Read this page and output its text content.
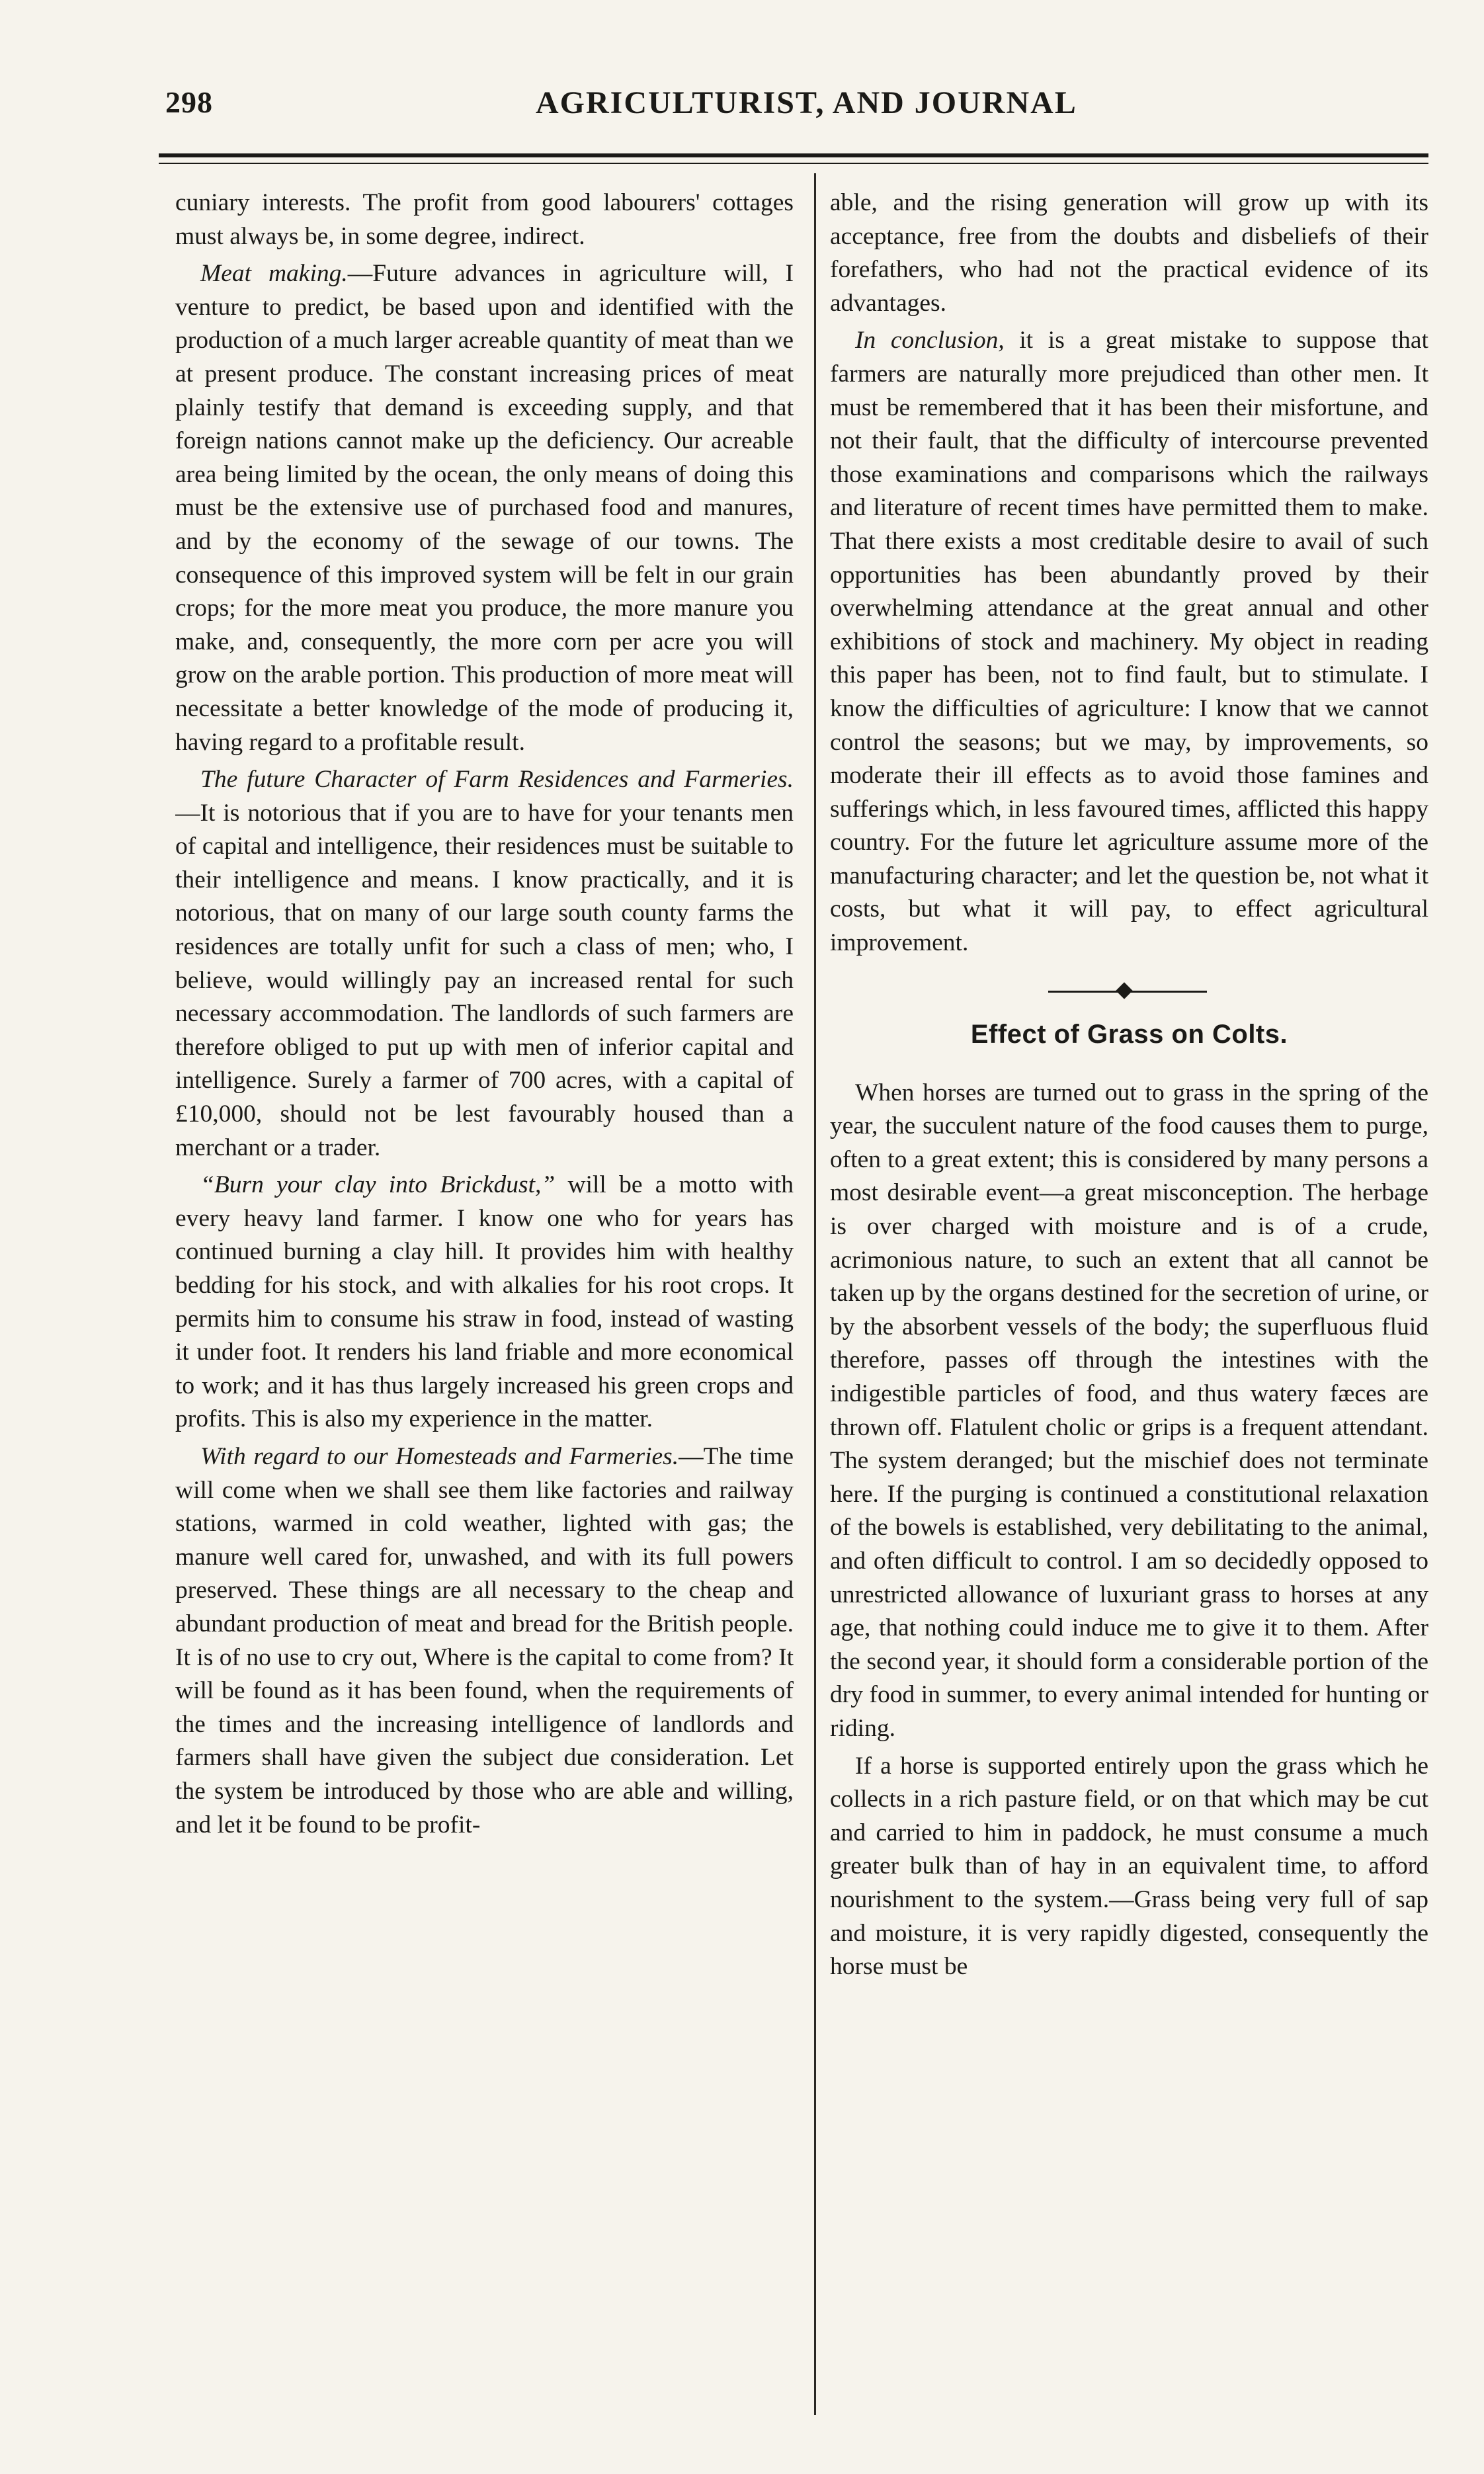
298	AGRICULTURIST, AND JOURNAL

cuniary interests. The profit from good labourers' cottages must always be, in some degree, indirect.

Meat making.—Future advances in agriculture will, I venture to predict, be based upon and identified with the production of a much larger acreable quantity of meat than we at present produce. The constant increasing prices of meat plainly testify that demand is exceeding supply, and that foreign nations cannot make up the deficiency. Our acreable area being limited by the ocean, the only means of doing this must be the extensive use of purchased food and manures, and by the economy of the sewage of our towns. The consequence of this improved system will be felt in our grain crops; for the more meat you produce, the more manure you make, and, consequently, the more corn per acre you will grow on the arable portion. This production of more meat will necessitate a better knowledge of the mode of producing it, having regard to a profitable result.

The future Character of Farm Residences and Farmeries.—It is notorious that if you are to have for your tenants men of capital and intelligence, their residences must be suitable to their intelligence and means. I know practically, and it is notorious, that on many of our large south county farms the residences are totally unfit for such a class of men; who, I believe, would willingly pay an increased rental for such necessary accommodation. The landlords of such farmers are therefore obliged to put up with men of inferior capital and intelligence. Surely a farmer of 700 acres, with a capital of £10,000, should not be lest favourably housed than a merchant or a trader.

“Burn your clay into Brickdust,” will be a motto with every heavy land farmer. I know one who for years has continued burning a clay hill. It provides him with healthy bedding for his stock, and with alkalies for his root crops. It permits him to consume his straw in food, instead of wasting it under foot. It renders his land friable and more economical to work; and it has thus largely increased his green crops and profits. This is also my experience in the matter.

With regard to our Homesteads and Farmeries.—The time will come when we shall see them like factories and railway stations, warmed in cold weather, lighted with gas; the manure well cared for, unwashed, and with its full powers preserved. These things are all necessary to the cheap and abundant production of meat and bread for the British people. It is of no use to cry out, Where is the capital to come from? It will be found as it has been found, when the requirements of the times and the increasing intelligence of landlords and farmers shall have given the subject due consideration. Let the system be introduced by those who are able and willing, and let it be found to be profit-

able, and the rising generation will grow up with its acceptance, free from the doubts and disbeliefs of their forefathers, who had not the practical evidence of its advantages.

In conclusion, it is a great mistake to suppose that farmers are naturally more prejudiced than other men. It must be remembered that it has been their misfortune, and not their fault, that the difficulty of intercourse prevented those examinations and comparisons which the railways and literature of recent times have permitted them to make. That there exists a most creditable desire to avail of such opportunities has been abundantly proved by their overwhelming attendance at the great annual and other exhibitions of stock and machinery. My object in reading this paper has been, not to find fault, but to stimulate. I know the difficulties of agriculture: I know that we cannot control the seasons; but we may, by improvements, so moderate their ill effects as to avoid those famines and sufferings which, in less favoured times, afflicted this happy country. For the future let agriculture assume more of the manufacturing character; and let the question be, not what it costs, but what it will pay, to effect agricultural improvement.

Effect of Grass on Colts.

When horses are turned out to grass in the spring of the year, the succulent nature of the food causes them to purge, often to a great extent; this is considered by many persons a most desirable event—a great misconception. The herbage is over charged with moisture and is of a crude, acrimonious nature, to such an extent that all cannot be taken up by the organs destined for the secretion of urine, or by the absorbent vessels of the body; the superfluous fluid therefore, passes off through the intestines with the indigestible particles of food, and thus watery fæces are thrown off. Flatulent cholic or grips is a frequent attendant. The system deranged; but the mischief does not terminate here. If the purging is continued a constitutional relaxation of the bowels is established, very debilitating to the animal, and often difficult to control. I am so decidedly opposed to unrestricted allowance of luxuriant grass to horses at any age, that nothing could induce me to give it to them. After the second year, it should form a considerable portion of the dry food in summer, to every animal intended for hunting or riding.

If a horse is supported entirely upon the grass which he collects in a rich pasture field, or on that which may be cut and carried to him in paddock, he must consume a much greater bulk than of hay in an equivalent time, to afford nourishment to the system.—Grass being very full of sap and moisture, it is very rapidly digested, consequently the horse must be
